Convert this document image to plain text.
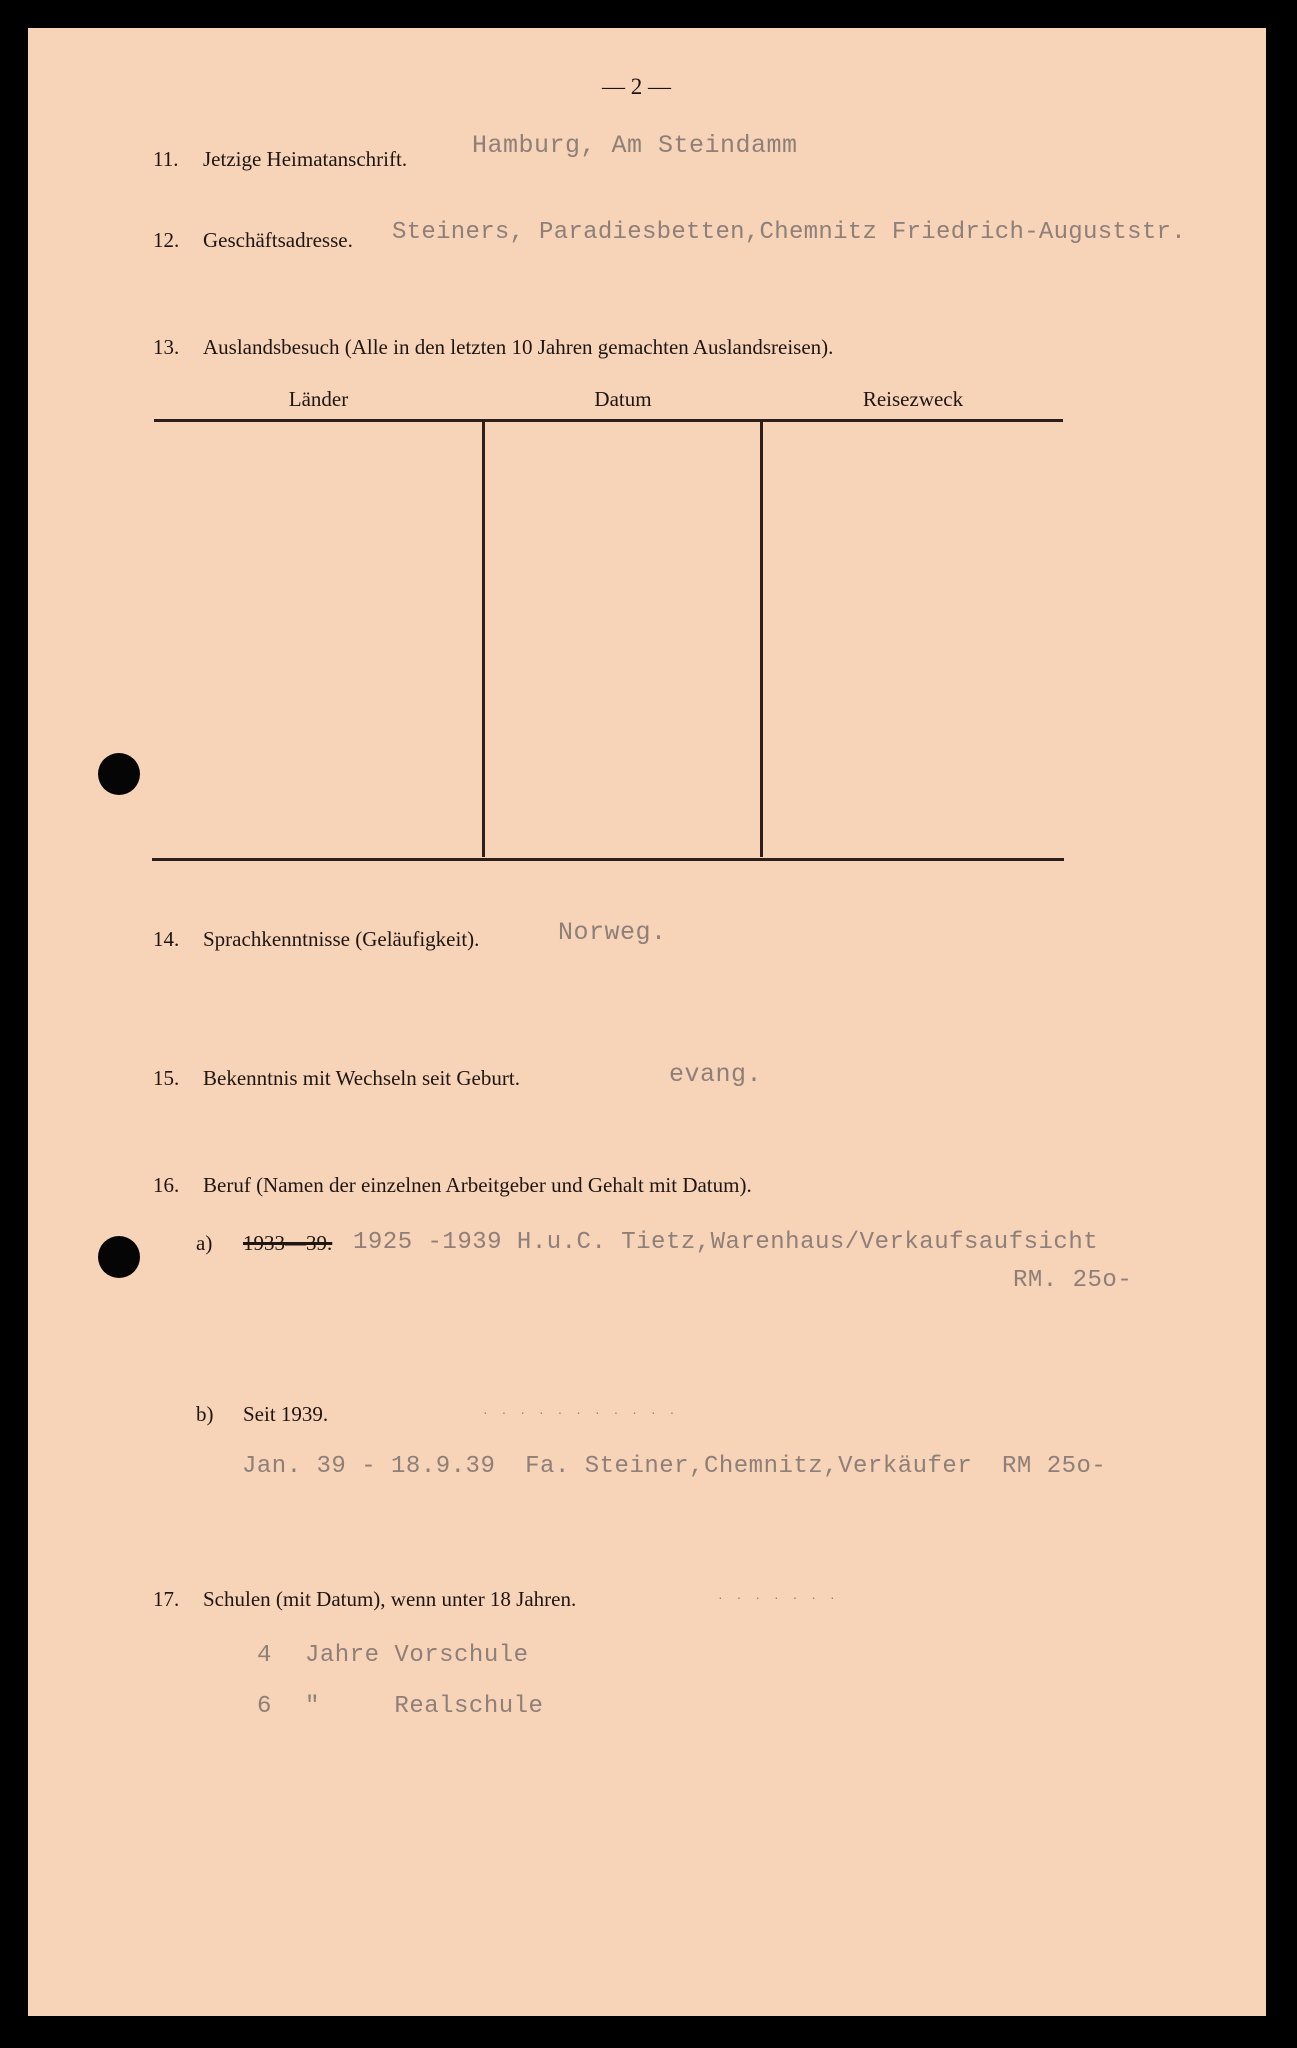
— 2 —
11. Jetzige Heimatanschrift.	Hamburg, Am Steindamm
12. Geschäftsadresse. Steiners, Paradiesbetten,Chemnitz Friedrich-Auguststr.
13. Auslandsbesuch (Alle in den letzten 10 Jahren gemachten Auslandsreisen).
Länder	Datum	Reisezweck
14. Sprachkenntnisse (Geläufigkeit).	Norweg.
15. Bekenntnis mit Wechseln seit Geburt.	evang.
16. Beruf (Namen der einzelnen Arbeitgeber und Gehalt mit Datum).
a) 1933—39. 1925 -1939 H.u.C. Tietz,Warenhaus/Verkaufsaufsicht
RM. 25o-
b) Seit 1939.	···········
Jan. 39 - 18.9.39  Fa. Steiner,Chemnitz,Verkäufer  RM 25o-
17. Schulen (mit Datum), wenn unter 18 Jahren.	·······
4 Jahre Vorschule
6 "     Realschule
